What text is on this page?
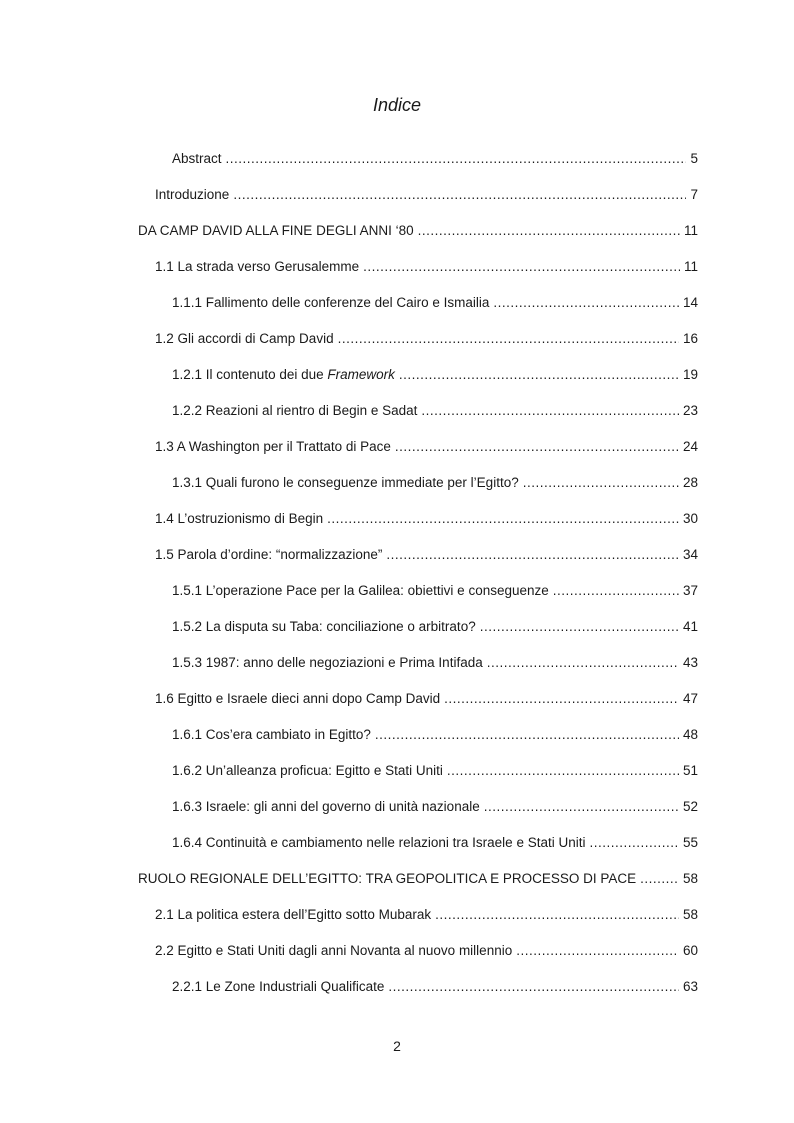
Indice
Abstract .....	5
Introduzione .....	7
DA CAMP DAVID ALLA FINE DEGLI ANNI ‘80 .....	11
1.1 La strada verso Gerusalemme .....	11
1.1.1 Fallimento delle conferenze del Cairo e Ismailia .....	14
1.2 Gli accordi di Camp David .....	16
1.2.1 Il contenuto dei due Framework .....	19
1.2.2 Reazioni al rientro di Begin e Sadat .....	23
1.3 A Washington per il Trattato di Pace .....	24
1.3.1 Quali furono le conseguenze immediate per l’Egitto? .....	28
1.4 L’ostruzionismo di Begin .....	30
1.5 Parola d’ordine: “normalizzazione” .....	34
1.5.1 L’operazione Pace per la Galilea: obiettivi e conseguenze .....	37
1.5.2 La disputa su Taba: conciliazione o arbitrato? .....	41
1.5.3 1987: anno delle negoziazioni e Prima Intifada .....	43
1.6 Egitto e Israele dieci anni dopo Camp David .....	47
1.6.1 Cos’era cambiato in Egitto? .....	48
1.6.2 Un’alleanza proficua: Egitto e Stati Uniti .....	51
1.6.3 Israele: gli anni del governo di unità nazionale .....	52
1.6.4 Continuità e cambiamento nelle relazioni tra Israele e Stati Uniti .....	55
RUOLO REGIONALE DELL’EGITTO: TRA GEOPOLITICA E PROCESSO DI PACE .....	58
2.1 La politica estera dell’Egitto sotto Mubarak .....	58
2.2 Egitto e Stati Uniti dagli anni Novanta al nuovo millennio .....	60
2.2.1 Le Zone Industriali Qualificate .....	63
2
